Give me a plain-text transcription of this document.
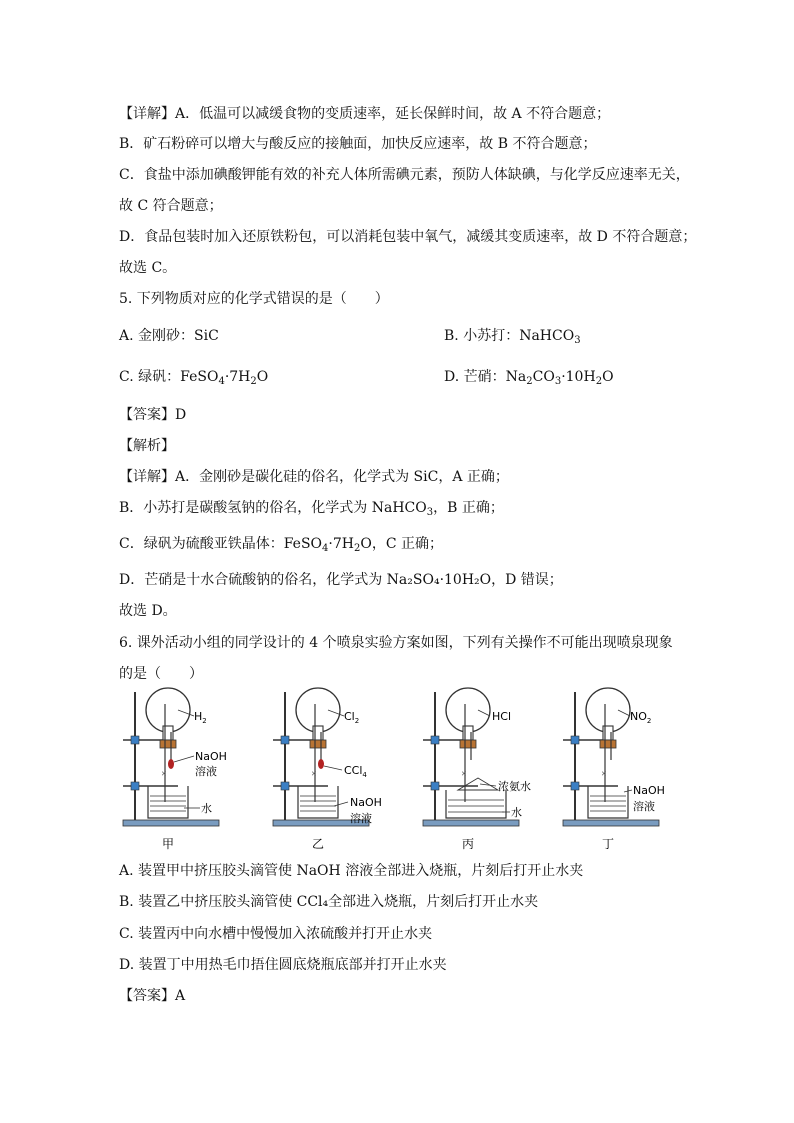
【详解】A．低温可以减缓食物的变质速率，延长保鲜时间，故 A 不符合题意；
B．矿石粉碎可以增大与酸反应的接触面，加快反应速率，故 B 不符合题意；
C．食盐中添加碘酸钾能有效的补充人体所需碘元素，预防人体缺碘，与化学反应速率无关，
故 C 符合题意；
D．食品包装时加入还原铁粉包，可以消耗包装中氧气，减缓其变质速率，故 D 不符合题意；
故选 C。
5. 下列物质对应的化学式错误的是（　　）
A. 金刚砂：SiC	B. 小苏打：NaHCO$_3$
C. 绿矾：$FeSO_4\cdot 7H_2O$	D. 芒硝：$Na_2CO_3\cdot 10H_2O$
【答案】D
【解析】
【详解】A．金刚砂是碳化硅的俗名，化学式为 SiC，A 正确；
B．小苏打是碳酸氢钠的俗名，化学式为 NaHCO$_3$，B 正确；
C．绿矾为硫酸亚铁晶体：$FeSO_4\cdot 7H_2O$，C 正确；
D．芒硝是十水合硫酸钠的俗名，化学式为 Na₂SO₄·10H₂O，D 错误；
故选 D。
6. 课外活动小组的同学设计的 4 个喷泉实验方案如图，下列有关操作不可能出现喷泉现象
的是（　　）
$H_2$
NaOH
溶液
水
甲
$Cl_2$
CCl$_4$
NaOH
溶液
乙
HCl
浓氨水
水
丙
$NO_2$
NaOH
溶液
丁
A. 装置甲中挤压胶头滴管使 NaOH 溶液全部进入烧瓶，片刻后打开止水夹
B. 装置乙中挤压胶头滴管使 CCl₄全部进入烧瓶，片刻后打开止水夹
C. 装置丙中向水槽中慢慢加入浓硫酸并打开止水夹
D. 装置丁中用热毛巾捂住圆底烧瓶底部并打开止水夹
【答案】A
